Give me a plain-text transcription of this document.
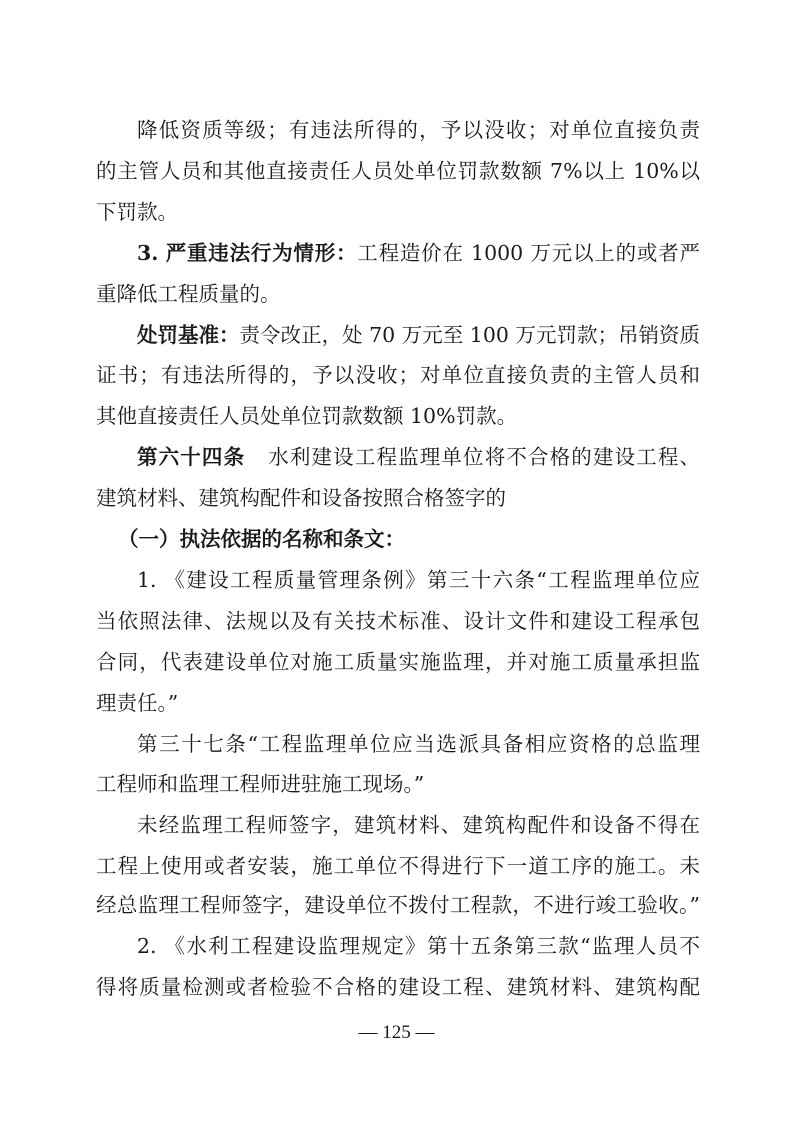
降低资质等级；有违法所得的，予以没收；对单位直接负责
的主管人员和其他直接责任人员处单位罚款数额 7%以上 10%以
下罚款。
3. 严重违法行为情形：工程造价在 1000 万元以上的或者严
重降低工程质量的。
处罚基准：责令改正，处 70 万元至 100 万元罚款；吊销资质
证书；有违法所得的，予以没收；对单位直接负责的主管人员和
其他直接责任人员处单位罚款数额 10%罚款。
第六十四条 水利建设工程监理单位将不合格的建设工程、
建筑材料、建筑构配件和设备按照合格签字的
（一）执法依据的名称和条文：
1. 《建设工程质量管理条例》第三十六条“工程监理单位应
当依照法律、法规以及有关技术标准、设计文件和建设工程承包
合同，代表建设单位对施工质量实施监理，并对施工质量承担监
理责任。”
第三十七条“工程监理单位应当选派具备相应资格的总监理
工程师和监理工程师进驻施工现场。”
未经监理工程师签字，建筑材料、建筑构配件和设备不得在
工程上使用或者安装，施工单位不得进行下一道工序的施工。未
经总监理工程师签字，建设单位不拨付工程款，不进行竣工验收。”
2. 《水利工程建设监理规定》第十五条第三款“监理人员不
得将质量检测或者检验不合格的建设工程、建筑材料、建筑构配
— 125 —
